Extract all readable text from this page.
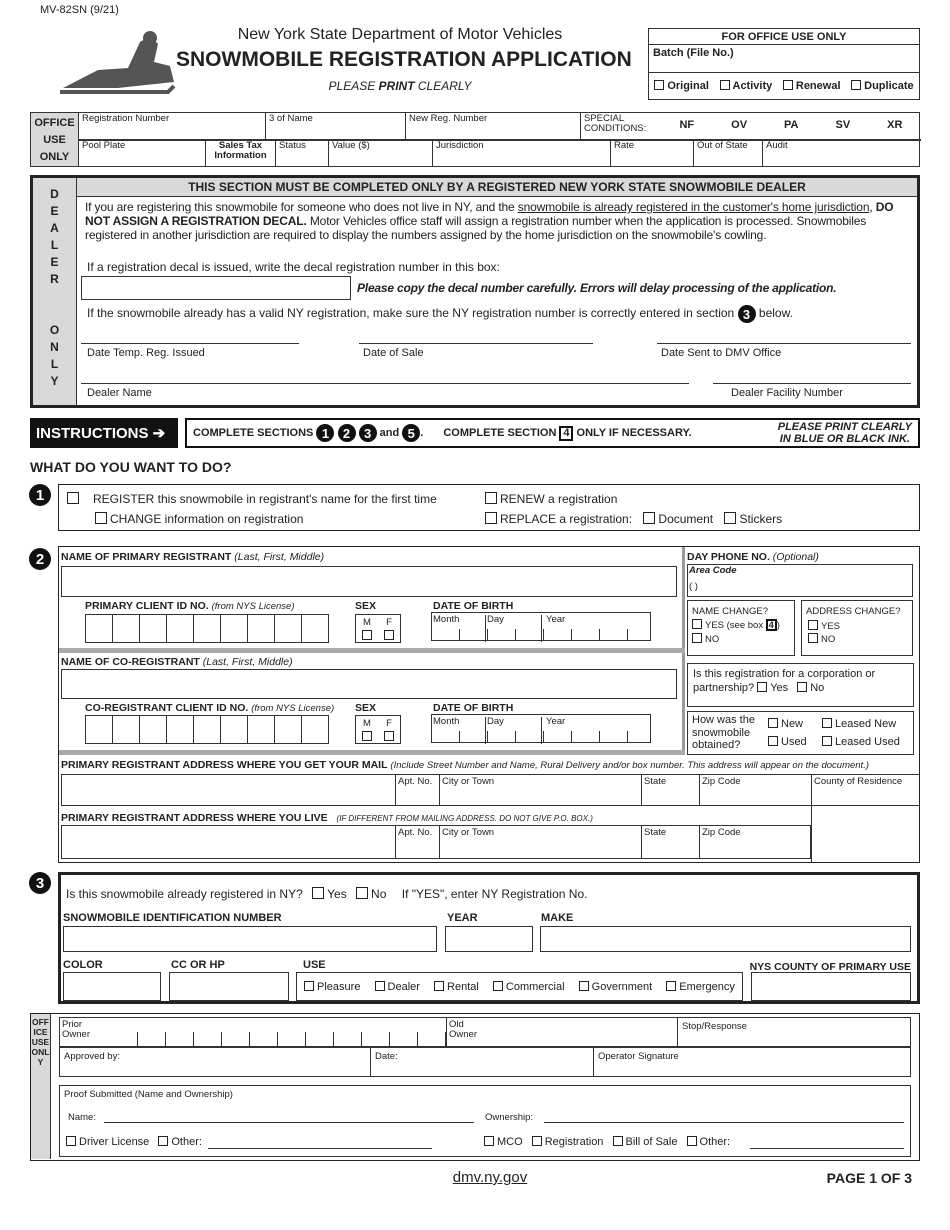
MV-82SN (9/21)
New York State Department of Motor Vehicles
SNOWMOBILE REGISTRATION APPLICATION
PLEASE PRINT CLEARLY
FOR OFFICE USE ONLY
Batch (File No.)
Original	Activity	Renewal	Duplicate
OFFICE USE ONLY
Registration Number	3 of Name	New Reg. Number	SPECIAL CONDITIONS:	NF	OV	PA	SV	XR
Pool Plate	Sales Tax Information
Status	Value ($)	Jurisdiction	Rate	Out of State	Audit
DEALER
ONLY
THIS SECTION MUST BE COMPLETED ONLY BY A REGISTERED NEW YORK STATE SNOWMOBILE DEALER
If you are registering this snowmobile for someone who does not live in NY, and the snowmobile is already registered in the customer's home jurisdiction, DO NOT ASSIGN A REGISTRATION DECAL. Motor Vehicles office staff will assign a registration number when the application is processed. Snowmobiles registered in another jurisdiction are required to display the numbers assigned by the home jurisdiction on the snowmobile's cowling.
If a registration decal is issued, write the decal registration number in this box:
Please copy the decal number carefully. Errors will delay processing of the application.
If the snowmobile already has a valid NY registration, make sure the NY registration number is correctly entered in section 3 below.
Date Temp. Reg. Issued	Date of Sale	Date Sent to DMV Office
Dealer Name	Dealer Facility Number
INSTRUCTIONS ➔	COMPLETE SECTIONS
1
	2
	3
and
5 . COMPLETE SECTION
4
ONLY IF NECESSARY.	PLEASE PRINT CLEARLY
IN BLUE OR BLACK INK.
WHAT DO YOU WANT TO DO?
1	REGISTER this snowmobile in registrant's name for the first time
CHANGE information on registration
RENEW a registration
REPLACE a registration: Document Stickers
2	NAME OF PRIMARY REGISTRANT (Last, First, Middle)
PRIMARY CLIENT ID NO. (from NYS License)	SEX
M F

DATE OF BIRTH
Month	Day	Year
NAME OF CO-REGISTRANT (Last, First, Middle)
CO-REGISTRANT CLIENT ID NO. (from NYS License) SEX
M F

DATE OF BIRTH
Month	Day	Year
DAY PHONE NO. (Optional)
Area Code
( )
NAME CHANGE?
YES (see box 4 )
NO
ADDRESS CHANGE?
YES
NO
Is this registration for a corporation or partnership? Yes No
How was the snowmobile obtained?
New
Used
Leased New
Leased Used
PRIMARY REGISTRANT ADDRESS WHERE YOU GET YOUR MAIL (Include Street Number and Name, Rural Delivery and/or box number. This address will appear on the document.)
Apt. No.	City or Town	State	Zip Code	County of Residence
PRIMARY REGISTRANT ADDRESS WHERE YOU LIVE (IF DIFFERENT FROM MAILING ADDRESS. DO NOT GIVE P.O. BOX.)
Apt. No.	City or Town	State	Zip Code
3
Is this snowmobile already registered in NY? Yes No If "YES", enter NY Registration No.
SNOWMOBILE IDENTIFICATION NUMBER	YEAR	MAKE
COLOR	CC OR HP	USE	NYS COUNTY OF PRIMARY USE
Pleasure	Dealer	Rental	Commercial	Government	Emergency
OFFICE USE ONLY
Prior Owner
Old Owner
Stop/Response
Approved by:	Date:	Operator Signature
Proof Submitted (Name and Ownership)
Name:	Ownership:
Driver License Other:	MCO Registration Bill of Sale Other:
dmv.ny.gov	PAGE 1 OF 3
